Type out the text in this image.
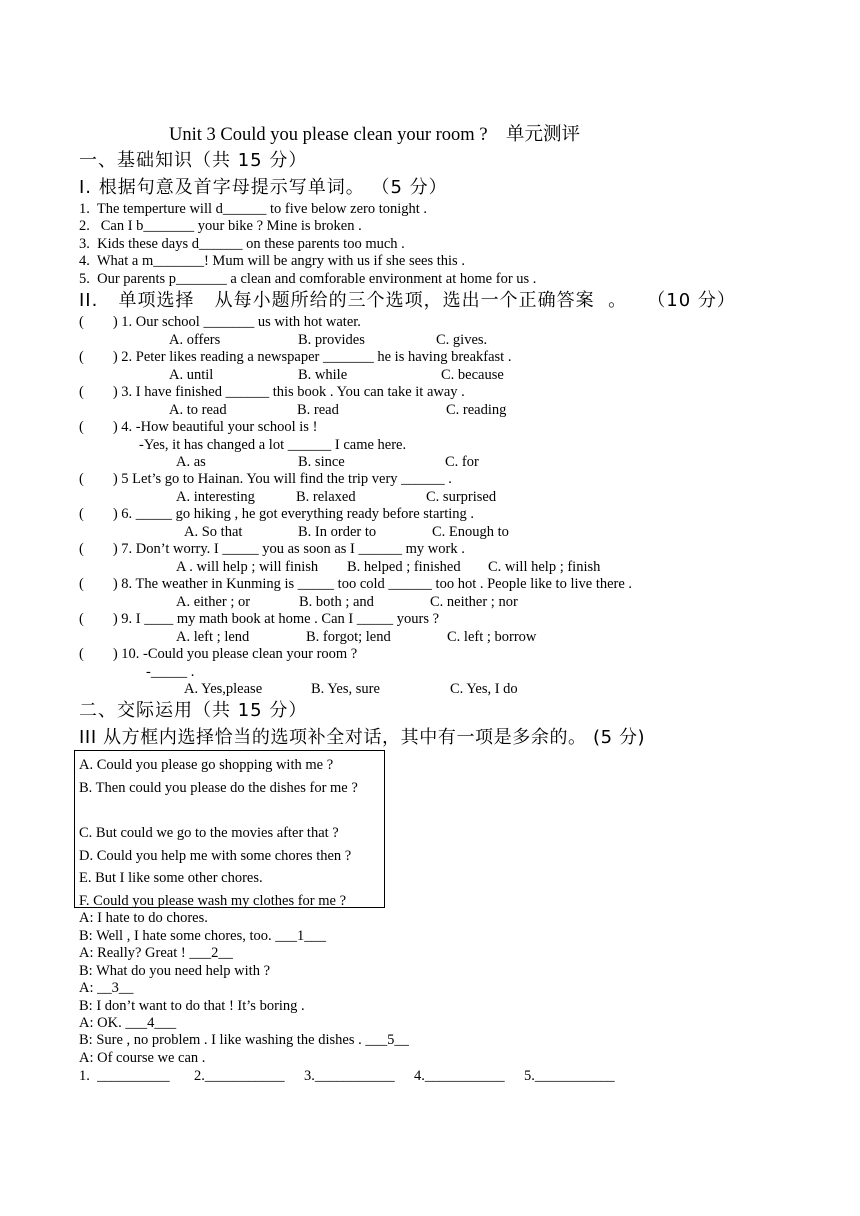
Unit 3 Could you please clean your room ?    单元测评
一、基础知识（共 15 分）
I. 根据句意及首字母提示写单词。 （5 分）
1.  The temperture will d______ to five below zero tonight .
2.   Can I b_______ your bike ? Mine is broken .
3.  Kids these days d______ on these parents too much .
4.  What a m_______! Mum will be angry with us if she sees this .
5.  Our parents p_______ a clean and comforable environment at home for us .
II.   单项选择   从每小题所给的三个选项，选出一个正确答案  。   （10 分）
(        ) 1. Our school _______ us with hot water.
A. offers	B. provides	C. gives.
(        ) 2. Peter likes reading a newspaper _______ he is having breakfast .
A. until	B. while	C. because
(        ) 3. I have finished ______ this book . You can take it away .
A. to read	B. read	C. reading
(        ) 4. -How beautiful your school is !
-Yes, it has changed a lot ______ I came here.
A. as	B. since	C. for
(        ) 5 Let’s go to Hainan. You will find the trip very ______ .
A. interesting	B. relaxed	C. surprised
(        ) 6. _____ go hiking , he got everything ready before starting .
A. So that	B. In order to	C. Enough to
(        ) 7. Don’t worry. I _____ you as soon as I ______ my work .
A . will help ; will finish B. helped ; finished C. will help ; finish
(        ) 8. The weather in Kunming is _____ too cold ______ too hot . People like to live there .
A. either ; or	B. both ; and	C. neither ; nor
(        ) 9. I ____ my math book at home . Can I _____ yours ?
A. left ; lend	B. forgot; lend	C. left ; borrow
(        ) 10. -Could you please clean your room ?
-_____ .
A. Yes,please	B. Yes, sure	C. Yes, I do
二、交际运用（共 15 分）
III 从方框内选择恰当的选项补全对话，其中有一项是多余的。 (5 分)
A. Could you please go shopping with me ?
B. Then could you please do the dishes for me ?
C. But could we go to the movies after that ?
D. Could you help me with some chores then ?
E. But I like some other chores.
F. Could you please wash my clothes for me ?
A: I hate to do chores.
B: Well , I hate some chores, too. ___1___
A: Really? Great ! ___2__
B: What do you need help with ?
A: __3__
B: I don’t want to do that ! It’s boring .
A: OK. ___4___
B: Sure , no problem . I like washing the dishes . ___5__
A: Of course we can .
1.  __________ 2.___________ 3.___________ 4.___________ 5.___________
